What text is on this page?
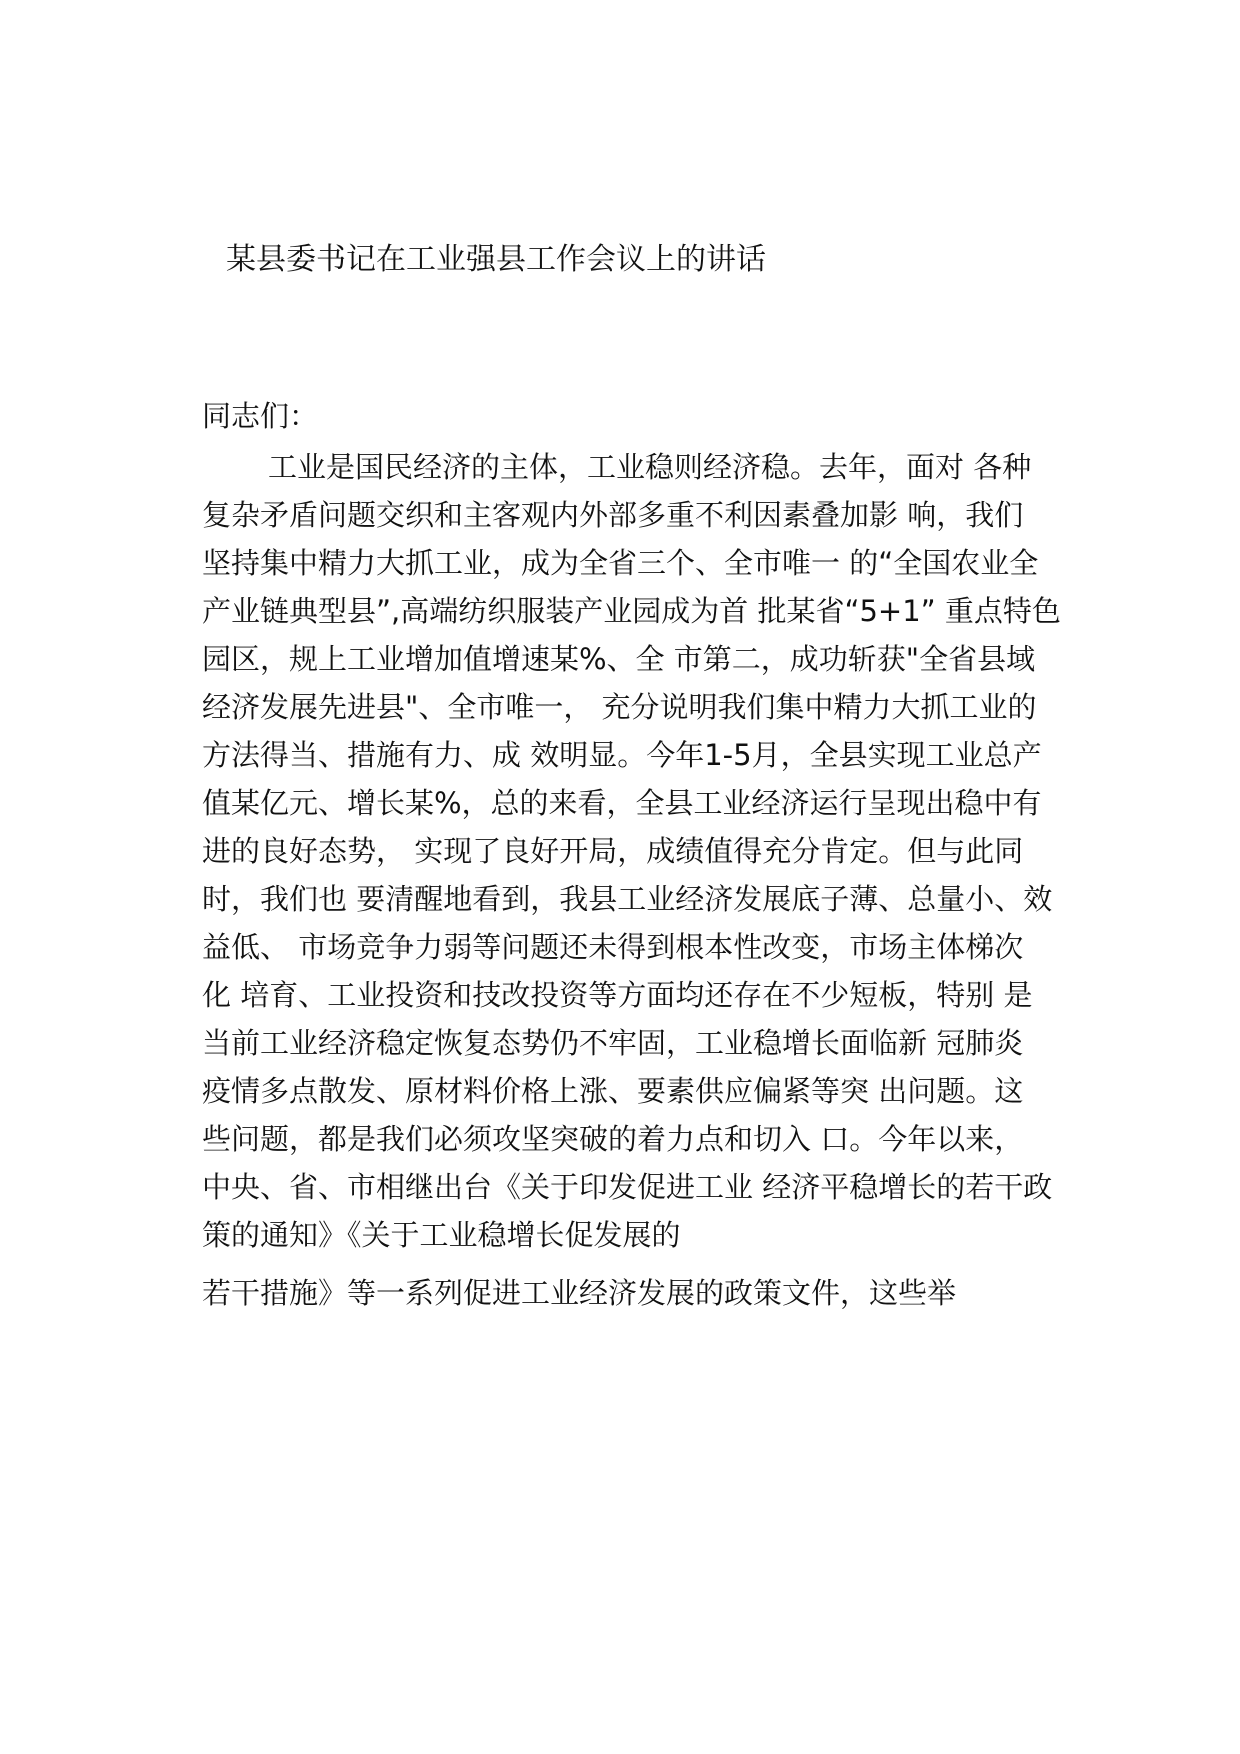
某县委书记在工业强县工作会议上的讲话
同志们：
工业是国民经济的主体，工业稳则经济稳。去年，面对 各种
复杂矛盾问题交织和主客观内外部多重不利因素叠加影 响，我们
坚持集中精力大抓工业，成为全省三个、全市唯一 的“全国农业全
产业链典型县”,高端纺织服装产业园成为首 批某省“5+1” 重点特色
园区，规上工业增加值增速某%、全 市第二，成功斩获"全省县域
经济发展先进县"、全市唯一， 充分说明我们集中精力大抓工业的
方法得当、措施有力、成 效明显。今年1-5月，全县实现工业总产
值某亿元、增长某%，总的来看，全县工业经济运行呈现出稳中有
进的良好态势， 实现了良好开局，成绩值得充分肯定。但与此同
时，我们也 要清醒地看到，我县工业经济发展底子薄、总量小、效
益低、 市场竞争力弱等问题还未得到根本性改变，市场主体梯次
化 培育、工业投资和技改投资等方面均还存在不少短板，特别 是
当前工业经济稳定恢复态势仍不牢固，工业稳增长面临新 冠肺炎
疫情多点散发、原材料价格上涨、要素供应偏紧等突 出问题。这
些问题，都是我们必须攻坚突破的着力点和切入 口。今年以来，
中央、省、市相继出台《关于印发促进工业 经济平稳增长的若干政
策的通知》《关于工业稳增长促发展的
若干措施》等一系列促进工业经济发展的政策文件，这些举
